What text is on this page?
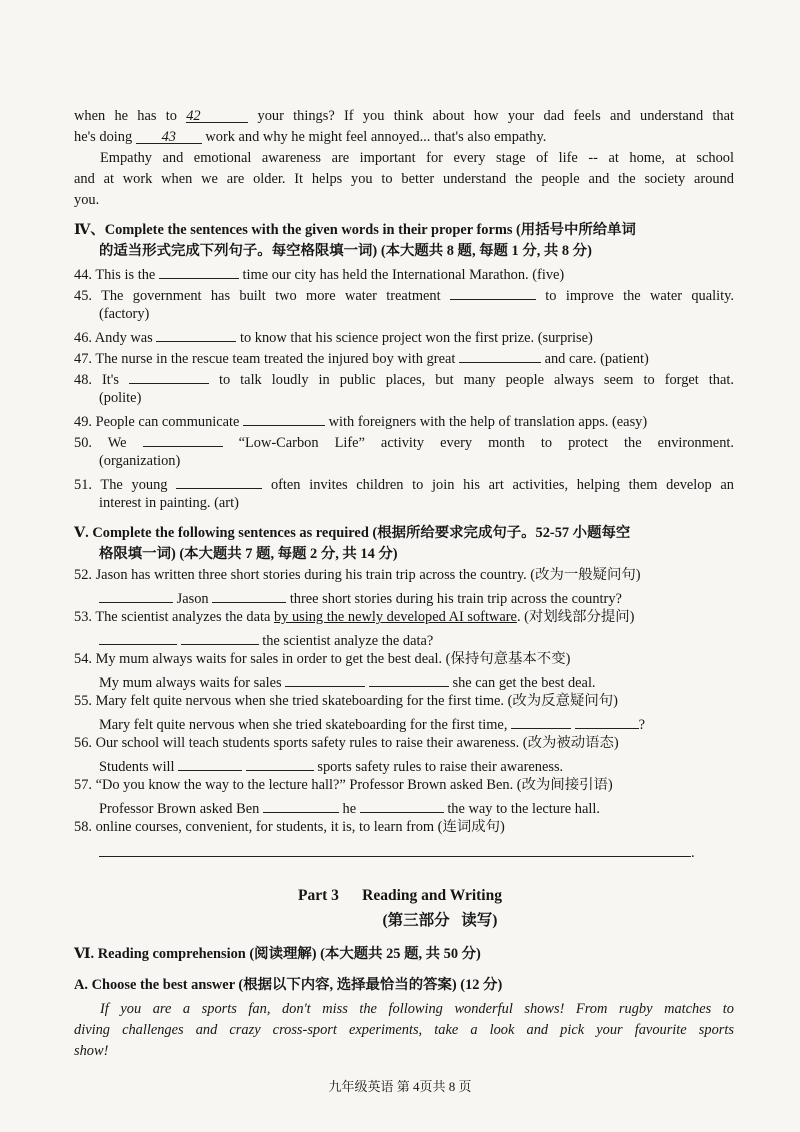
when he has to 42	your things? If you think about how your dad feels and understand that
he's doing 43 work and why he might feel annoyed... that's also empathy.
Empathy and emotional awareness are important for every stage of life -- at home, at school
and at work when we are older. It helps you to better understand the people and the society around
you.
Ⅳ、Complete the sentences with the given words in their proper forms (用括号中所给单词
的适当形式完成下列句子。每空格限填一词) (本大题共 8 题, 每题 1 分, 共 8 分)
44. This is the	time our city has held the International Marathon. (five)
45. The government has built two more water treatment	to improve the water quality.
(factory)
46. Andy was	to know that his science project won the first prize. (surprise)
47. The nurse in the rescue team treated the injured boy with great	and care. (patient)
48. It's	to talk loudly in public places, but many people always seem to forget that.
(polite)
49. People can communicate	with foreigners with the help of translation apps. (easy)
50. We	“Low-Carbon Life” activity every month to protect the environment.
(organization)
51. The young	often invites children to join his art activities, helping them develop an
interest in painting. (art)
Ⅴ. Complete the following sentences as required (根据所给要求完成句子。52-57 小题每空
格限填一词) (本大题共 7 题, 每题 2 分, 共 14 分)
52. Jason has written three short stories during his train trip across the country. (改为一般疑问句)
Jason	three short stories during his train trip across the country?
53. The scientist analyzes the data by using the newly developed AI software. (对划线部分提问)
the scientist analyze the data?
54. My mum always waits for sales in order to get the best deal. (保持句意基本不变)
My mum always waits for sales	she can get the best deal.
55. Mary felt quite nervous when she tried skateboarding for the first time. (改为反意疑问句)
Mary felt quite nervous when she tried skateboarding for the first time,	?
56. Our school will teach students sports safety rules to raise their awareness. (改为被动语态)
Students will	sports safety rules to raise their awareness.
57. “Do you know the way to the lecture hall?” Professor Brown asked Ben. (改为间接引语)
Professor Brown asked Ben	he	the way to the lecture hall.
58. online courses, convenient, for students, it is, to learn from (连词成句)
.
Part 3      Reading and Writing
(第三部分   读写)
Ⅵ. Reading comprehension (阅读理解) (本大题共 25 题, 共 50 分)
A. Choose the best answer (根据以下内容, 选择最恰当的答案) (12 分)
If you are a sports fan, don't miss the following wonderful shows! From rugby matches to
diving challenges and crazy cross-sport experiments, take a look and pick your favourite sports
show!
九年级英语 第 4页共 8 页
